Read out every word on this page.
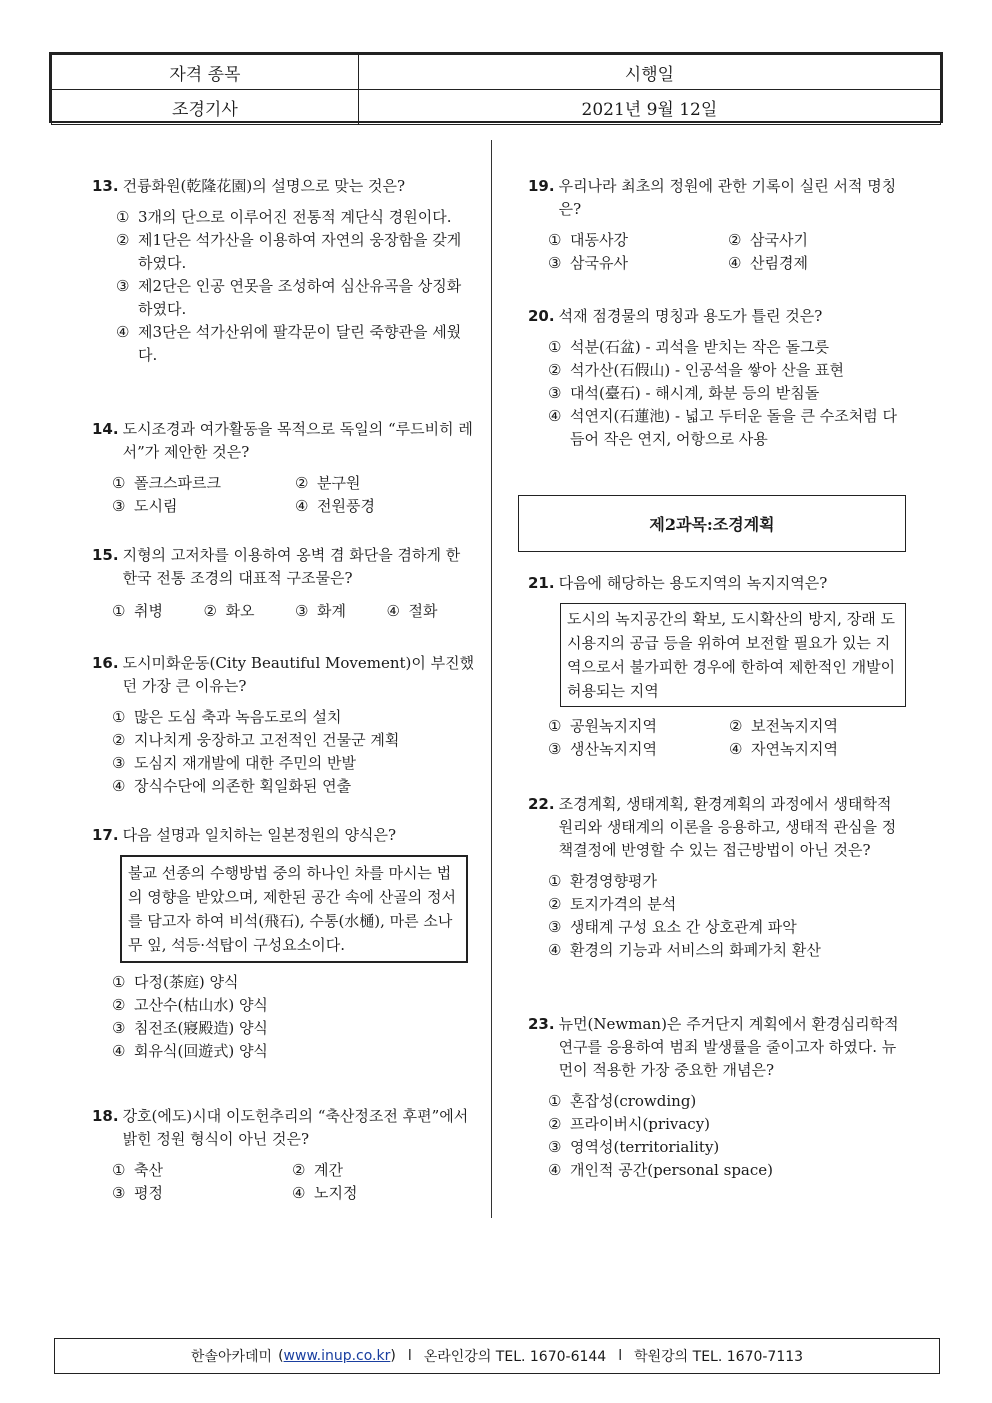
자격 종목	시행일
조경기사	2021년 9월 12일
13. 건륭화원(乾隆花園)의 설명으로 맞는 것은?
① 3개의 단으로 이루어진 전통적 계단식 경원이다.
② 제1단은 석가산을 이용하여 자연의 웅장함을 갖게 하였다.
③ 제2단은 인공 연못을 조성하여 심산유곡을 상징화 하였다.
④ 제3단은 석가산위에 팔각문이 달린 죽향관을 세웠다.
14. 도시조경과 여가활동을 목적으로 독일의 “루드비히 레서”가 제안한 것은?
① 폴크스파르크	② 분구원
③ 도시림	④ 전원풍경
15. 지형의 고저차를 이용하여 옹벽 겸 화단을 겸하게 한 한국 전통 조경의 대표적 구조물은?
① 취병	② 화오	③ 화계	④ 절화
16. 도시미화운동(City Beautiful Movement)이 부진했던 가장 큰 이유는?
① 많은 도심 축과 녹음도로의 설치
② 지나치게 웅장하고 고전적인 건물군 계획
③ 도심지 재개발에 대한 주민의 반발
④ 장식수단에 의존한 획일화된 연출
17. 다음 설명과 일치하는 일본정원의 양식은?
불교 선종의 수행방법 중의 하나인 차를 마시는 법의 영향을 받았으며, 제한된 공간 속에 산골의 정서를 담고자 하여 비석(飛石), 수통(水樋), 마른 소나무 잎, 석등·석탑이 구성요소이다.
① 다정(茶庭) 양식
② 고산수(枯山水) 양식
③ 침전조(寢殿造) 양식
④ 회유식(回遊式) 양식
18. 강호(에도)시대 이도헌추리의 “축산정조전 후편”에서 밝힌 정원 형식이 아닌 것은?
① 축산	② 계간
③ 평정	④ 노지정
19. 우리나라 최초의 정원에 관한 기록이 실린 서적 명칭은?
① 대동사강	② 삼국사기
③ 삼국유사	④ 산림경제
20. 석재 점경물의 명칭과 용도가 틀린 것은?
① 석분(石盆) - 괴석을 받치는 작은 돌그릇
② 석가산(石假山) - 인공석을 쌓아 산을 표현
③ 대석(臺石) - 해시계, 화분 등의 받침돌
④ 석연지(石蓮池) - 넓고 두터운 돌을 큰 수조처럼 다듬어 작은 연지, 어항으로 사용
제2과목:조경계획
21. 다음에 해당하는 용도지역의 녹지지역은?
도시의 녹지공간의 확보, 도시확산의 방지, 장래 도시용지의 공급 등을 위하여 보전할 필요가 있는 지역으로서 불가피한 경우에 한하여 제한적인 개발이 허용되는 지역
① 공원녹지지역	② 보전녹지지역
③ 생산녹지지역	④ 자연녹지지역
22. 조경계획, 생태계획, 환경계획의 과정에서 생태학적 원리와 생태계의 이론을 응용하고, 생태적 관심을 정책결정에 반영할 수 있는 접근방법이 아닌 것은?
① 환경영향평가
② 토지가격의 분석
③ 생태계 구성 요소 간 상호관계 파악
④ 환경의 기능과 서비스의 화폐가치 환산
23. 뉴먼(Newman)은 주거단지 계획에서 환경심리학적 연구를 응용하여 범죄 발생률을 줄이고자 하였다. 뉴먼이 적용한 가장 중요한 개념은?
① 혼잡성(crowding)
② 프라이버시(privacy)
③ 영역성(territoriality)
④ 개인적 공간(personal space)
한솔아카데미 ( www.inup.co.kr ) l 온라인강의 TEL. 1670-6144 l 학원강의 TEL. 1670-7113
